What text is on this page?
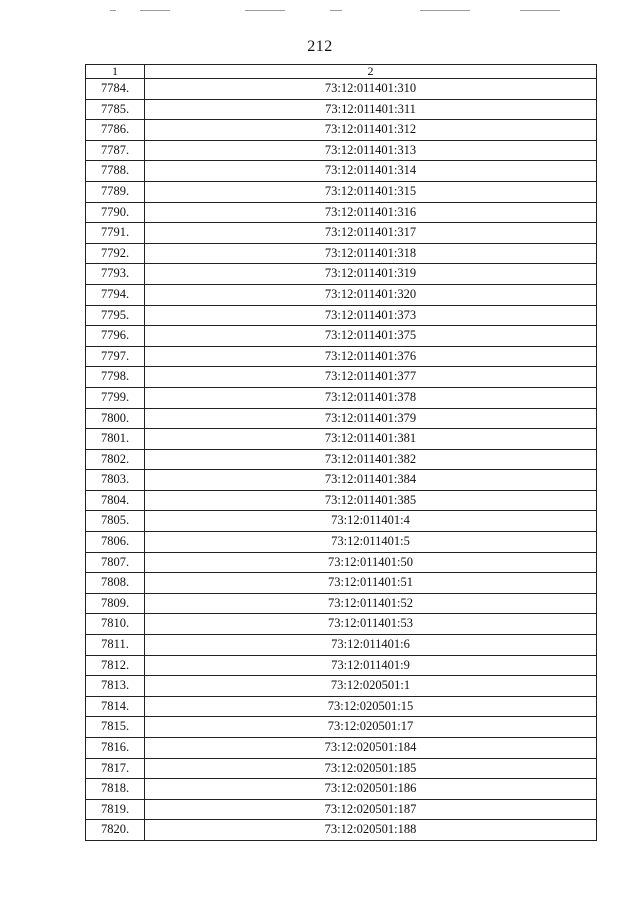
212
1	2
7784.	73:12:011401:310
7785.	73:12:011401:311
7786.	73:12:011401:312
7787.	73:12:011401:313
7788.	73:12:011401:314
7789.	73:12:011401:315
7790.	73:12:011401:316
7791.	73:12:011401:317
7792.	73:12:011401:318
7793.	73:12:011401:319
7794.	73:12:011401:320
7795.	73:12:011401:373
7796.	73:12:011401:375
7797.	73:12:011401:376
7798.	73:12:011401:377
7799.	73:12:011401:378
7800.	73:12:011401:379
7801.	73:12:011401:381
7802.	73:12:011401:382
7803.	73:12:011401:384
7804.	73:12:011401:385
7805.	73:12:011401:4
7806.	73:12:011401:5
7807.	73:12:011401:50
7808.	73:12:011401:51
7809.	73:12:011401:52
7810.	73:12:011401:53
7811.	73:12:011401:6
7812.	73:12:011401:9
7813.	73:12:020501:1
7814.	73:12:020501:15
7815.	73:12:020501:17
7816.	73:12:020501:184
7817.	73:12:020501:185
7818.	73:12:020501:186
7819.	73:12:020501:187
7820.	73:12:020501:188
